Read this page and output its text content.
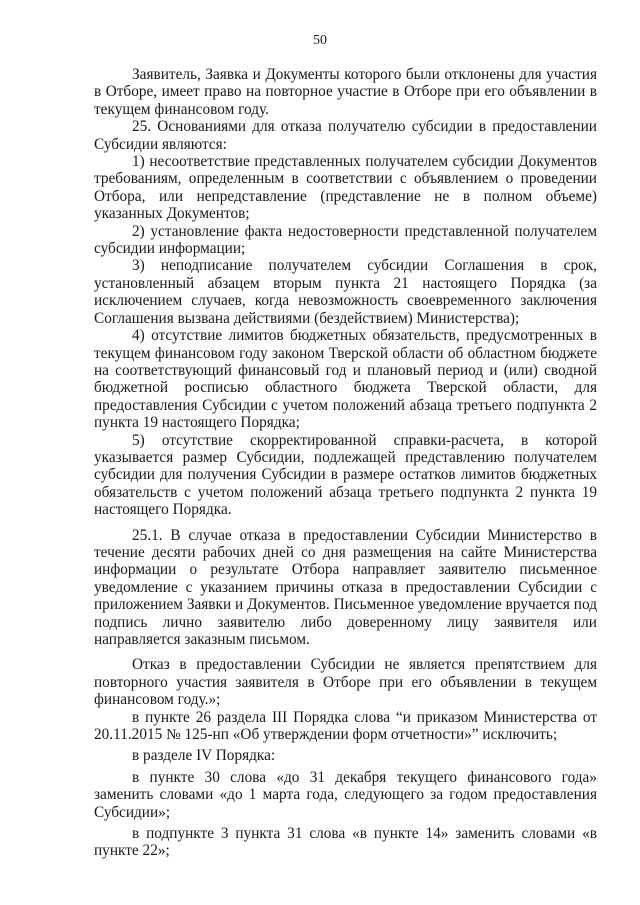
50

Заявитель, Заявка и Документы которого были отклонены для участия в Отборе, имеет право на повторное участие в Отборе при его объявлении в текущем финансовом году.

25. Основаниями для отказа получателю субсидии в предоставлении Субсидии являются:

1) несоответствие представленных получателем субсидии Документов требованиям, определенным в соответствии с объявлением о проведении Отбора, или непредставление (представление не в полном объеме) указанных Документов;

2) установление факта недостоверности представленной получателем субсидии информации;

3) неподписание получателем субсидии Соглашения в срок, установленный абзацем вторым пункта 21 настоящего Порядка (за исключением случаев, когда невозможность своевременного заключения Соглашения вызвана действиями (бездействием) Министерства);

4) отсутствие лимитов бюджетных обязательств, предусмотренных в текущем финансовом году законом Тверской области об областном бюджете на соответствующий финансовый год и плановый период и (или) сводной бюджетной росписью областного бюджета Тверской области, для предоставления Субсидии с учетом положений абзаца третьего подпункта 2 пункта 19 настоящего Порядка;

5) отсутствие скорректированной справки-расчета, в которой указывается размер Субсидии, подлежащей представлению получателем субсидии для получения Субсидии в размере остатков лимитов бюджетных обязательств с учетом положений абзаца третьего подпункта 2 пункта 19 настоящего Порядка.

25.1. В случае отказа в предоставлении Субсидии Министерство в течение десяти рабочих дней со дня размещения на сайте Министерства информации о результате Отбора направляет заявителю письменное уведомление с указанием причины отказа в предоставлении Субсидии с приложением Заявки и Документов. Письменное уведомление вручается под подпись лично заявителю либо доверенному лицу заявителя или направляется заказным письмом.

Отказ в предоставлении Субсидии не является препятствием для повторного участия заявителя в Отборе при его объявлении в текущем финансовом году.»;

в пункте 26 раздела III Порядка слова “и приказом Министерства от 20.11.2015 № 125-нп «Об утверждении форм отчетности»” исключить;

в разделе IV Порядка:

в пункте 30 слова «до 31 декабря текущего финансового года» заменить словами «до 1 марта года, следующего за годом предоставления Субсидии»;

в подпункте 3 пункта 31 слова «в пункте 14» заменить словами «в пункте 22»;
